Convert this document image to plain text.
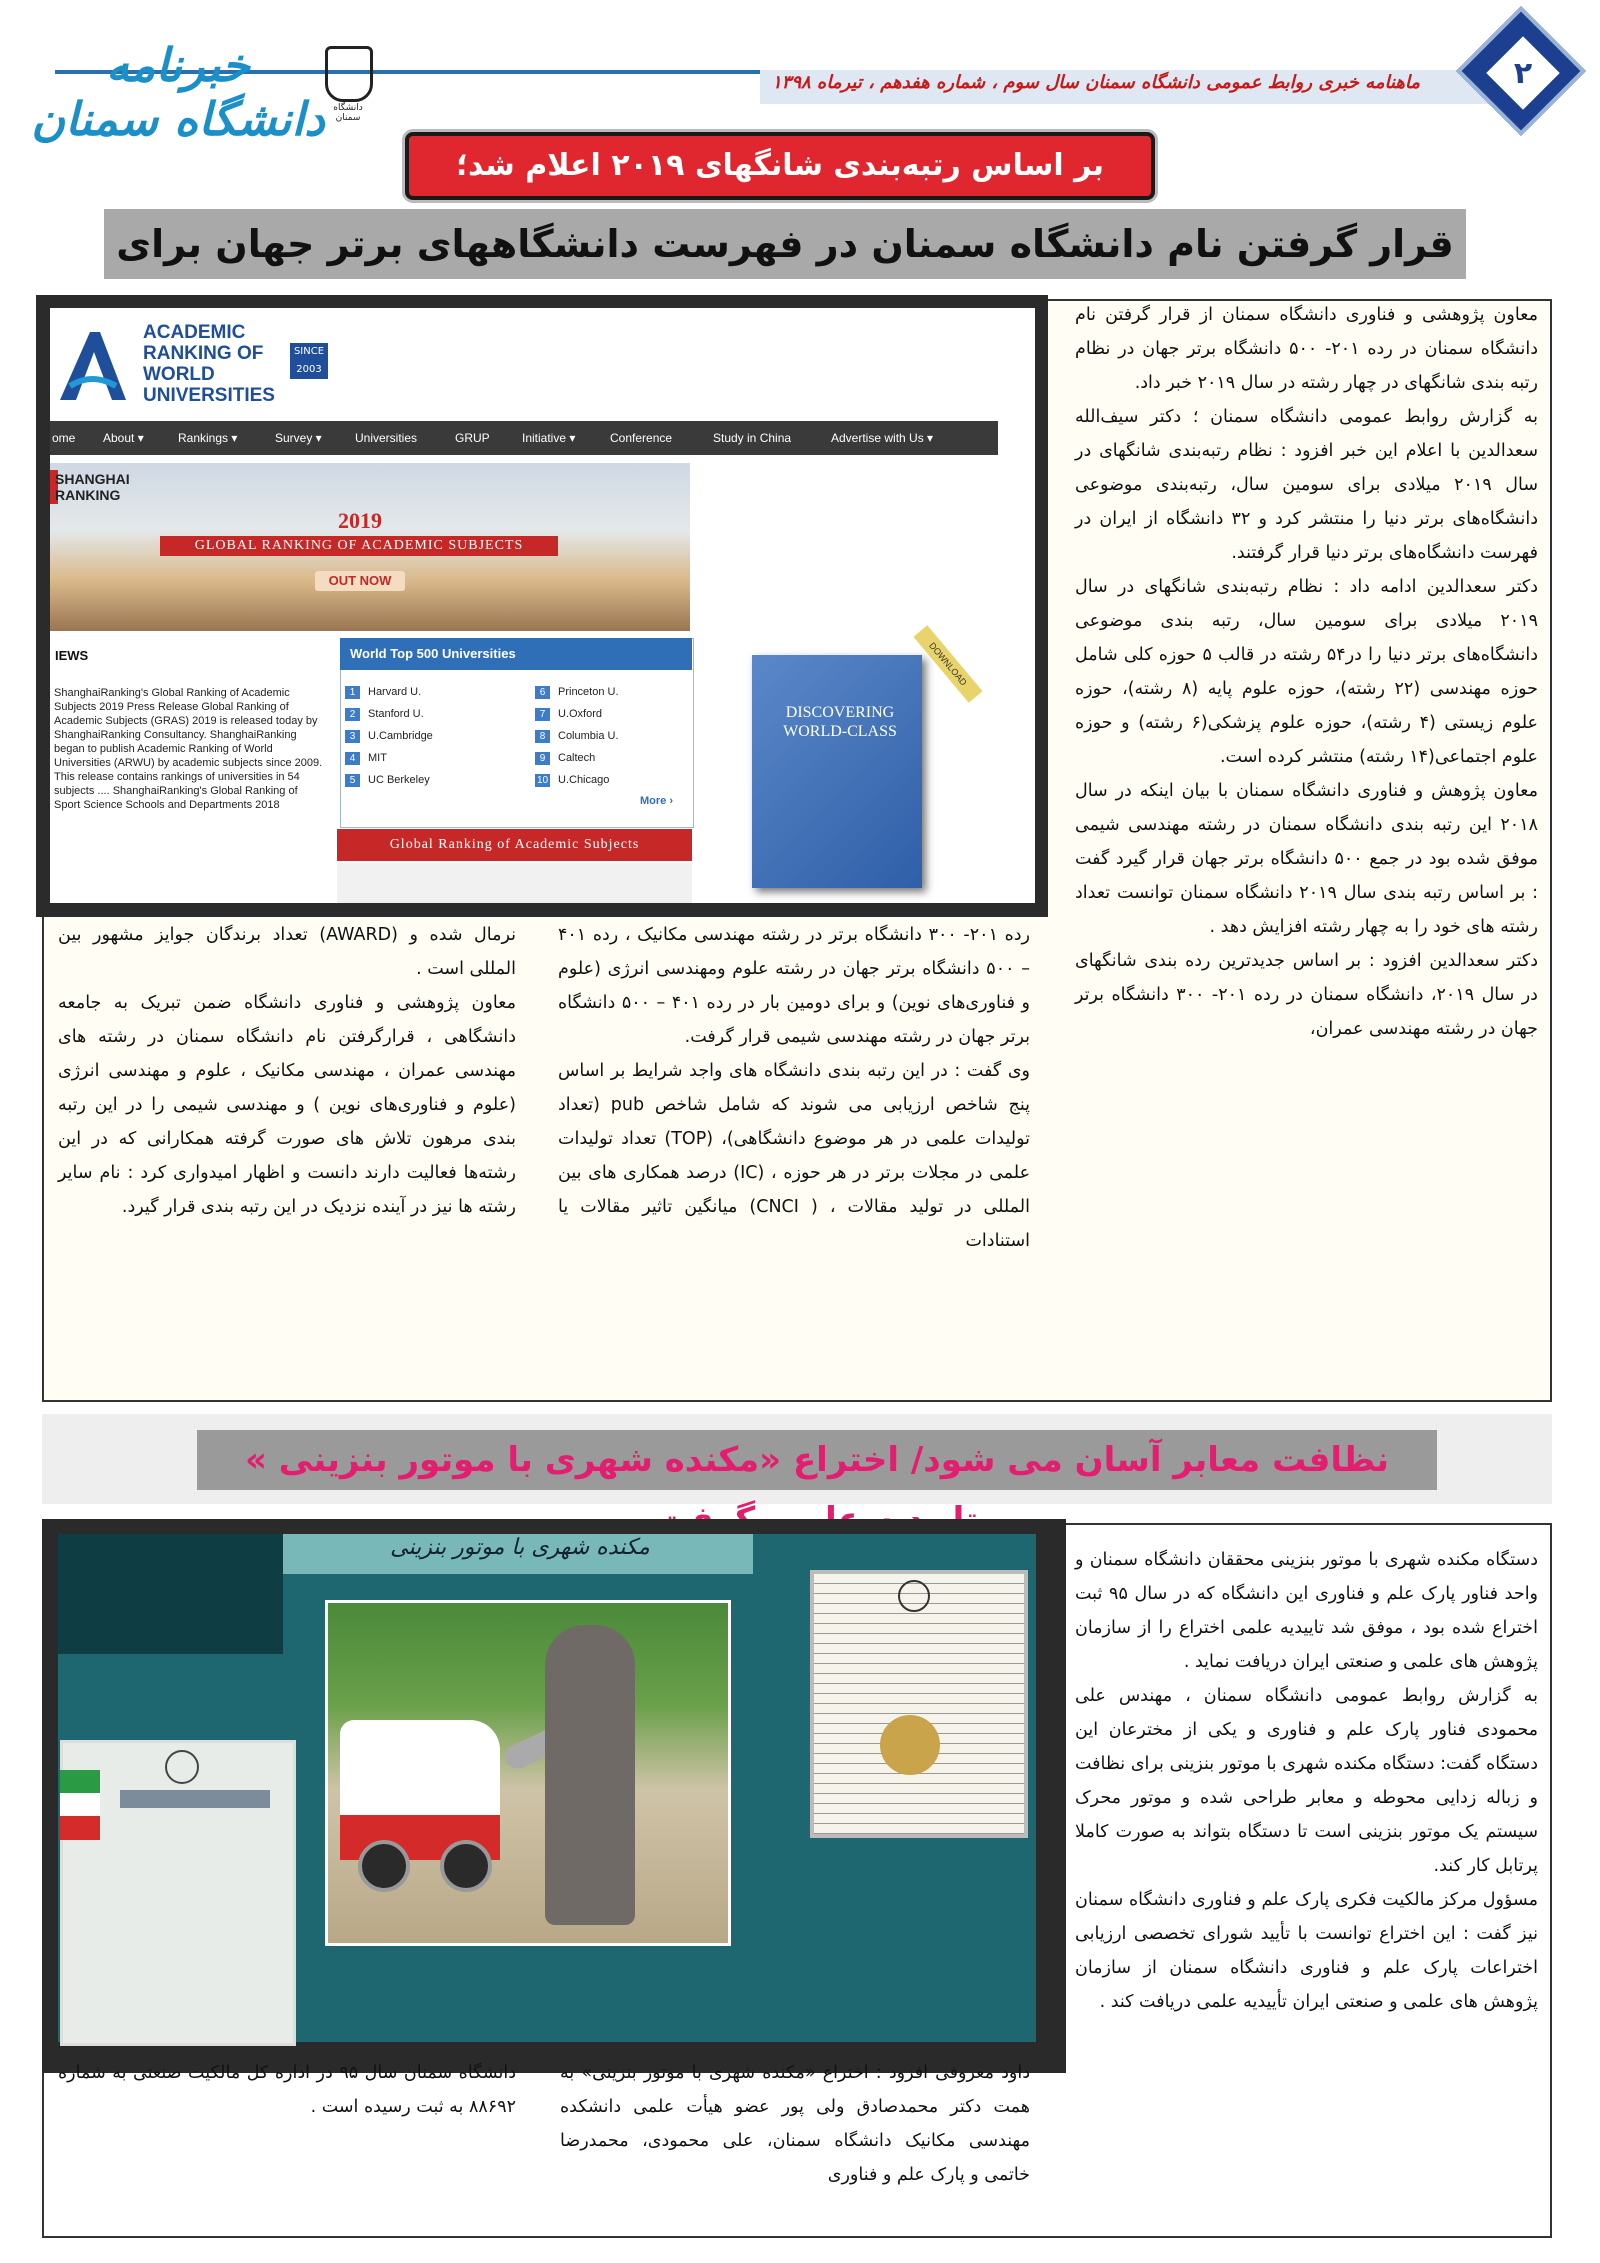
ماهنامه خبری روابط عمومی دانشگاه سمنان سال سوم ، شماره هفدهم ، تیرماه ۱۳۹۸	۲
خبرنامه دانشگاه سمنان دانشگاه سمنان
بر اساس رتبه‌بندی شانگهای ۲۰۱۹ اعلام شد؛
قرار گرفتن نام دانشگاه سمنان در فهرست دانشگاههای برتر جهان برای
ACADEMIC
RANKING OF
WORLD
UNIVERSITIES
SINCE 2003
ome About ▾	Rankings ▾	Survey ▾	Universities	GRUP	Initiative ▾	Conference	Study in China	Advertise with Us ▾
SHANGHAI RANKING
2019
GLOBAL RANKING OF ACADEMIC SUBJECTS
OUT NOW
IEWS
ShanghaiRanking's Global Ranking of Academic Subjects 2019 Press Release Global Ranking of Academic Subjects (GRAS) 2019 is released today by ShanghaiRanking Consultancy. ShanghaiRanking began to publish Academic Ranking of World Universities (ARWU) by academic subjects since 2009. This release contains rankings of universities in 54 subjects .... ShanghaiRanking's Global Ranking of Sport Science Schools and Departments 2018
World Top 500 Universities
1 Harvard U.
2 Stanford U.
3 U.Cambridge
4 MIT
5 UC Berkeley
6 Princeton U.
7 U.Oxford
8 Columbia U.
9 Caltech
10 U.Chicago
More ›
Global Ranking of Academic Subjects
DISCOVERING WORLD-CLASS
DOWNLOAD

معاون پژوهشی و فناوری دانشگاه سمنان از قرار گرفتن نام دانشگاه سمنان در رده ۲۰۱- ۵۰۰ دانشگاه برتر جهان در نظام رتبه بندی شانگهای در چهار رشته در سال ۲۰۱۹ خبر داد.

به گزارش روابط عمومی دانشگاه سمنان ؛ دکتر سیف‌الله سعدالدین با اعلام این خبر افزود : نظام رتبه‌بندی شانگهای در سال ۲۰۱۹ میلادی برای سومین سال، رتبه‌بندی موضوعی دانشگاه‌های برتر دنیا را منتشر کرد و ۳۲ دانشگاه از ایران در فهرست دانشگاه‌های برتر دنیا قرار گرفتند.

دکتر سعدالدین ادامه داد : نظام رتبه‌بندی شانگهای در سال ۲۰۱۹ میلادی برای سومین سال، رتبه بندی موضوعی دانشگاه‌های برتر دنیا را در۵۴ رشته در قالب ۵ حوزه کلی شامل حوزه مهندسی (۲۲ رشته)، حوزه علوم پایه (۸ رشته)، حوزه علوم زیستی (۴ رشته)، حوزه علوم پزشکی(۶ رشته) و حوزه علوم اجتماعی(۱۴ رشته) منتشر کرده است.

معاون پژوهش و فناوری دانشگاه سمنان با بیان اینکه در سال ۲۰۱۸ این رتبه بندی دانشگاه سمنان در رشته مهندسی شیمی موفق شده بود در جمع ۵۰۰ دانشگاه برتر جهان قرار گیرد گفت : بر اساس رتبه بندی سال ۲۰۱۹ دانشگاه سمنان توانست تعداد رشته های خود را به چهار رشته افزایش دهد .

دکتر سعدالدین افزود : بر اساس جدیدترین رده بندی شانگهای در سال ۲۰۱۹، دانشگاه سمنان در رده ۲۰۱- ۳۰۰ دانشگاه برتر جهان در رشته مهندسی عمران،

رده ۲۰۱- ۳۰۰ دانشگاه برتر در رشته مهندسی مکانیک ، رده ۴۰۱ – ۵۰۰ دانشگاه برتر جهان در رشته علوم ومهندسی انرژی (علوم و فناوری‌های نوین) و برای دومین بار در رده ۴۰۱ – ۵۰۰ دانشگاه برتر جهان در رشته مهندسی شیمی قرار گرفت.

وی گفت : در این رتبه بندی دانشگاه های واجد شرایط بر اساس پنج شاخص ارزیابی می شوند که شامل شاخص pub (تعداد تولیدات علمی در هر موضوع دانشگاهی)، (TOP) تعداد تولیدات علمی در مجلات برتر در هر حوزه ، (IC) درصد همکاری های بین المللی در تولید مقالات ، ( CNCI) میانگین تاثیر مقالات یا استنادات

نرمال شده و (AWARD) تعداد برندگان جوایز مشهور بین المللی است .

معاون پژوهشی و فناوری دانشگاه ضمن تبریک به جامعه دانشگاهی ، قرارگرفتن نام دانشگاه سمنان در رشته های مهندسی عمران ، مهندسی مکانیک ، علوم و مهندسی انرژی (علوم و فناوری‌های نوین ) و مهندسی شیمی را در این رتبه بندی مرهون تلاش های صورت گرفته همکارانی که در این رشته‌ها فعالیت دارند دانست و اظهار امیدواری کرد : نام سایر رشته ها نیز در آینده نزدیک در این رتبه بندی قرار گیرد.

نظافت معابر آسان می شود/ اختراع «مکنده شهری با موتور بنزینی »
مکنده شهری با موتور بنزینی	دستگاه مکنده شهری با موتور بنزینی محققان دانشگاه سمنان و واحد فناور پارک علم و فناوری این دانشگاه که در سال ۹۵ ثبت اختراع شده بود ، موفق شد تاییدیه علمی اختراع را از سازمان پژوهش های علمی و صنعتی ایران دریافت نماید .

به گزارش روابط عمومی دانشگاه سمنان ، مهندس علی محمودی فناور پارک علم و فناوری و یکی از مخترعان این دستگاه گفت: دستگاه مکنده شهری با موتور بنزینی برای نظافت و زباله زدایی محوطه و معابر طراحی شده و موتور محرک سیستم یک موتور بنزینی است تا دستگاه بتواند به صورت کاملا پرتابل کار کند.

مسؤول مرکز مالکیت فکری پارک علم و فناوری دانشگاه سمنان نیز گفت : این اختراع توانست با تأیید شورای تخصصی ارزیابی اختراعات پارک علم و فناوری دانشگاه سمنان از سازمان پژوهش های علمی و صنعتی ایران تأییدیه علمی دریافت کند .

داود معروفی افزود : اختراع «مکنده شهری با موتور بنزینی» به همت دکتر محمدصادق ولی پور عضو هیأت علمی دانشکده مهندسی مکانیک دانشگاه سمنان، علی محمودی، محمدرضا خاتمی و پارک علم و فناوری

دانشگاه سمنان سال ۹۵ در اداره کل مالکیت صنعتی به شماره ۸۸۶۹۲ به ثبت رسیده است .
